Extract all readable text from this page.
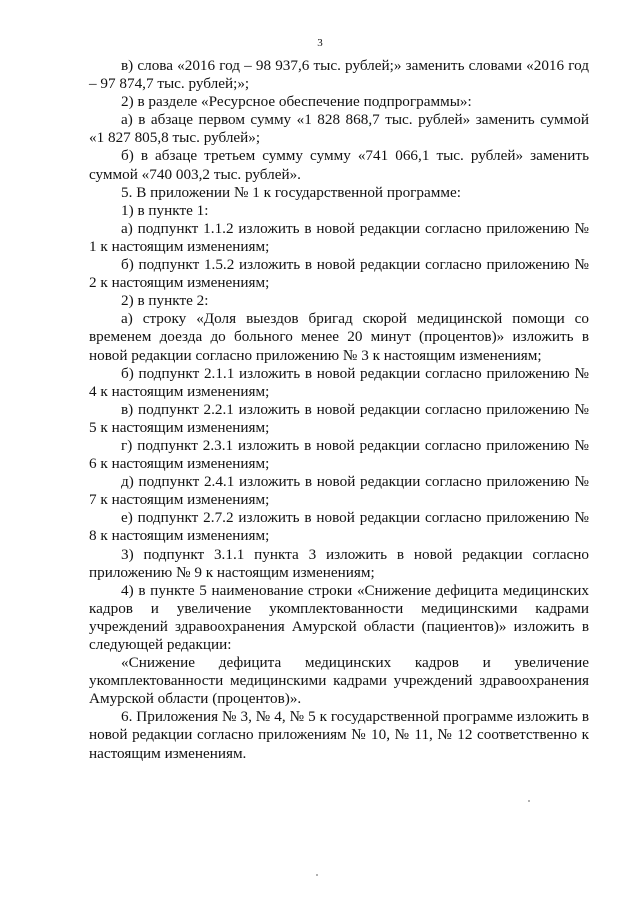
3

в) слова «2016 год – 98 937,6 тыс. рублей;» заменить словами «2016 год – 97 874,7 тыс. рублей;»;

2) в разделе «Ресурсное обеспечение подпрограммы»:

а) в абзаце первом сумму «1 828 868,7 тыс. рублей» заменить суммой «1 827 805,8 тыс. рублей»;

б) в абзаце третьем сумму сумму «741 066,1 тыс. рублей» заменить суммой «740 003,2 тыс. рублей».

5. В приложении № 1 к государственной программе:

1) в пункте 1:

а) подпункт 1.1.2 изложить в новой редакции согласно приложению № 1 к настоящим изменениям;

б) подпункт 1.5.2 изложить в новой редакции согласно приложению № 2 к настоящим изменениям;

2) в пункте 2:

а) строку «Доля выездов бригад скорой медицинской помощи со временем доезда до больного менее 20 минут (процентов)» изложить в новой редакции согласно приложению № 3 к настоящим изменениям;

б) подпункт 2.1.1 изложить в новой редакции согласно приложению № 4 к настоящим изменениям;

в) подпункт 2.2.1 изложить в новой редакции согласно приложению № 5 к настоящим изменениям;

г) подпункт 2.3.1 изложить в новой редакции согласно приложению № 6 к настоящим изменениям;

д) подпункт 2.4.1 изложить в новой редакции согласно приложению № 7 к настоящим изменениям;

е) подпункт 2.7.2 изложить в новой редакции согласно приложению № 8 к настоящим изменениям;

3) подпункт 3.1.1 пункта 3 изложить в новой редакции согласно приложению № 9 к настоящим изменениям;

4) в пункте 5 наименование строки «Снижение дефицита медицинских кадров и увеличение укомплектованности медицинскими кадрами учреждений здравоохранения Амурской области (пациентов)» изложить в следующей редакции:

«Снижение дефицита медицинских кадров и увеличение укомплектованности медицинскими кадрами учреждений здравоохранения Амурской области (процентов)».

6. Приложения № 3, № 4, № 5 к государственной программе изложить в новой редакции согласно приложениям № 10, № 11, № 12 соответственно к настоящим изменениям.
